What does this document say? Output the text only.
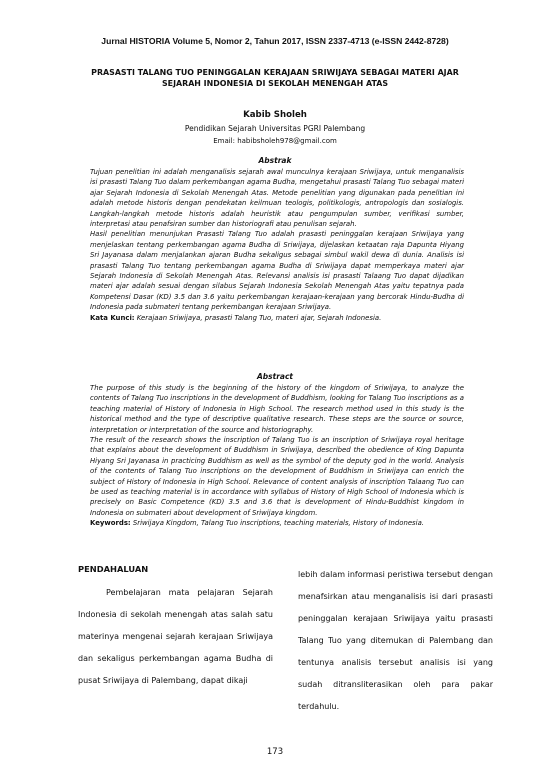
Jurnal HISTORIA Volume 5, Nomor 2, Tahun 2017, ISSN 2337-4713 (e-ISSN 2442-8728)
PRASASTI TALANG TUO PENINGGALAN KERAJAAN SRIWIJAYA SEBAGAI MATERI AJAR
SEJARAH INDONESIA DI SEKOLAH MENENGAH ATAS
Kabib Sholeh
Pendidikan Sejarah Universitas PGRI Palembang
Email: habibsholeh978@gmail.com
Abstrak

Tujuan penelitian ini adalah menganalisis sejarah awal munculnya kerajaan Sriwijaya, untuk menganalisis isi prasasti Talang Tuo dalam perkembangan agama Budha, mengetahui prasasti Talang Tuo sebagai materi ajar Sejarah Indonesia di Sekolah Menengah Atas. Metode penelitian yang digunakan pada penelitian ini adalah metode historis dengan pendekatan keilmuan teologis, politikologis, antropologis dan sosialogis. Langkah-langkah metode historis adalah heuristik atau pengumpulan sumber, verifikasi sumber, interpretasi atau penafsiran sumber dan historiografi atau penulisan sejarah.

Hasil penelitian menunjukan Prasasti Talang Tuo adalah prasasti peninggalan kerajaan Sriwijaya yang menjelaskan tentang perkembangan agama Budha di Sriwijaya, dijelaskan ketaatan raja Dapunta Hiyang Sri Jayanasa dalam menjalankan ajaran Budha sekaligus sebagai simbul wakil dewa di dunia. Analisis isi prasasti Talang Tuo tentang perkembangan agama Budha di Sriwijaya dapat memperkaya materi ajar Sejarah Indonesia di Sekolah Menengah Atas. Relevansi analisis isi prasasti Talaang Tuo dapat dijadikan materi ajar adalah sesuai dengan silabus Sejarah Indonesia Sekolah Menengah Atas yaitu tepatnya pada Kompetensi Dasar (KD) 3.5 dan 3.6 yaitu perkembangan kerajaan-kerajaan yang bercorak Hindu-Budha di Indonesia pada submateri tentang perkembangan kerajaan Sriwijaya.

Kata Kunci: Kerajaan Sriwijaya, prasasti Talang Tuo, materi ajar, Sejarah Indonesia.

Abstract

The purpose of this study is the beginning of the history of the kingdom of Sriwijaya, to analyze the contents of Talang Tuo inscriptions in the development of Buddhism, looking for Talang Tuo inscriptions as a teaching material of History of Indonesia in High School. The research method used in this study is the historical method and the type of descriptive qualitative research. These steps are the source or source, interpretation or interpretation of the source and historiography.

The result of the research shows the inscription of Talang Tuo is an inscription of Sriwijaya royal heritage that explains about the development of Buddhism in Sriwijaya, described the obedience of King Dapunta Hiyang Sri Jayanasa in practicing Buddhism as well as the symbol of the deputy god in the world. Analysis of the contents of Talang Tuo inscriptions on the development of Buddhism in Sriwijaya can enrich the subject of History of Indonesia in High School. Relevance of content analysis of inscription Talaang Tuo can be used as teaching material is in accordance with syllabus of History of High School of Indonesia which is precisely on Basic Competence (KD) 3.5 and 3.6 that is development of Hindu-Buddhist kingdom in Indonesia on submateri about development of Sriwijaya kingdom.

Keywords: Sriwijaya Kingdom, Talang Tuo inscriptions, teaching materials, History of Indonesia.

PENDAHALUAN

Pembelajaran mata pelajaran Sejarah Indonesia di sekolah menengah atas salah satu materinya mengenai sejarah kerajaan Sriwijaya dan sekaligus perkembangan agama Budha di pusat Sriwijaya di Palembang, dapat dikaji

lebih dalam informasi peristiwa tersebut dengan menafsirkan atau menganalisis isi dari prasasti peninggalan kerajaan Sriwijaya yaitu prasasti Talang Tuo yang ditemukan di Palembang dan tentunya analisis tersebut analisis isi yang sudah ditransliterasikan oleh para pakar terdahulu.

173
